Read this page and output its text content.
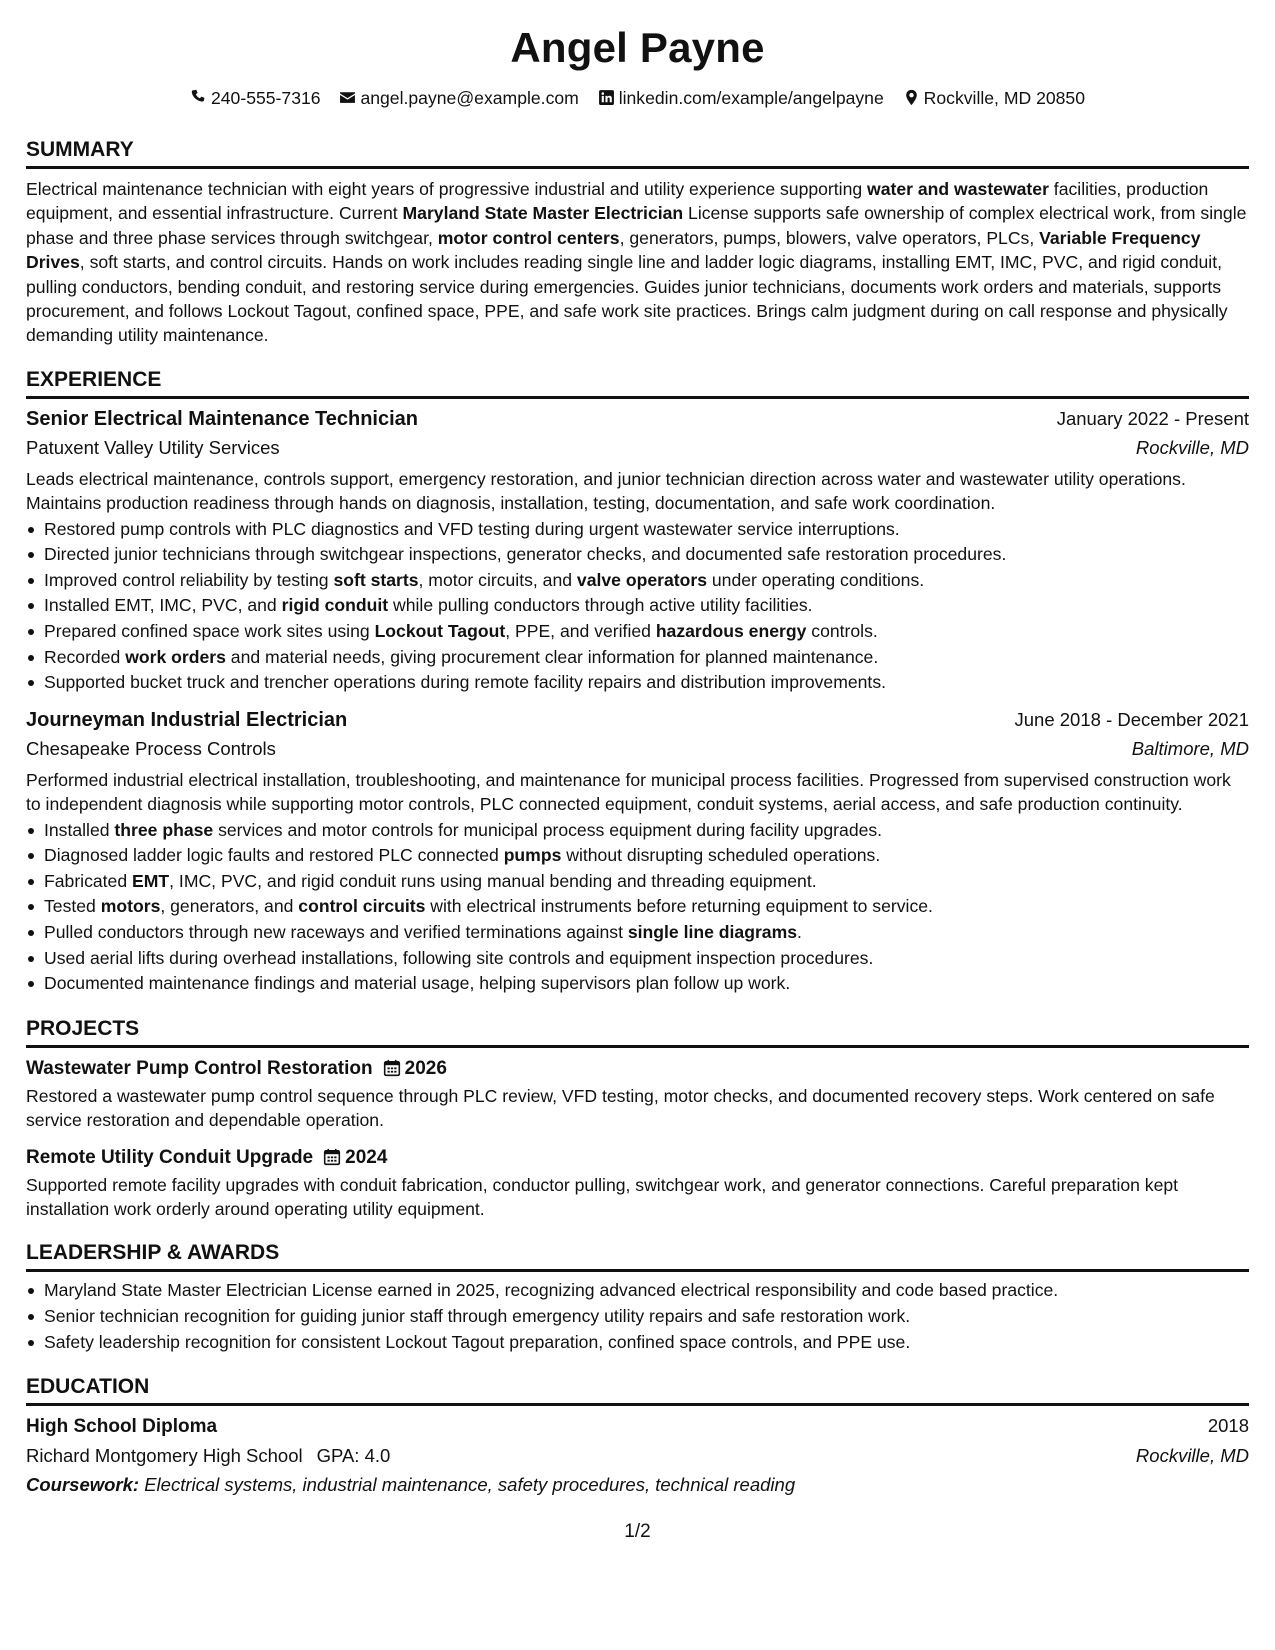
Angel Payne
240-555-7316 angel.payne@example.com linkedin.com/example/angelpayne Rockville, MD 20850
SUMMARY

Electrical maintenance technician with eight years of progressive industrial and utility experience supporting water and wastewater facilities, production equipment, and essential infrastructure. Current Maryland State Master Electrician License supports safe ownership of complex electrical work, from single phase and three phase services through switchgear, motor control centers, generators, pumps, blowers, valve operators, PLCs, Variable Frequency Drives, soft starts, and control circuits. Hands on work includes reading single line and ladder logic diagrams, installing EMT, IMC, PVC, and rigid conduit, pulling conductors, bending conduit, and restoring service during emergencies. Guides junior technicians, documents work orders and materials, supports procurement, and follows Lockout Tagout, confined space, PPE, and safe work site practices. Brings calm judgment during on call response and physically demanding utility maintenance.

EXPERIENCE
Senior Electrical Maintenance Technician	January 2022 - Present
Patuxent Valley Utility Services	Rockville, MD

Leads electrical maintenance, controls support, emergency restoration, and junior technician direction across water and wastewater utility operations. Maintains production readiness through hands on diagnosis, installation, testing, documentation, and safe work coordination.

Restored pump controls with PLC diagnostics and VFD testing during urgent wastewater service interruptions.
Directed junior technicians through switchgear inspections, generator checks, and documented safe restoration procedures.
Improved control reliability by testing soft starts, motor circuits, and valve operators under operating conditions.
Installed EMT, IMC, PVC, and rigid conduit while pulling conductors through active utility facilities.
Prepared confined space work sites using Lockout Tagout, PPE, and verified hazardous energy controls.
Recorded work orders and material needs, giving procurement clear information for planned maintenance.
Supported bucket truck and trencher operations during remote facility repairs and distribution improvements.
Journeyman Industrial Electrician	June 2018 - December 2021
Chesapeake Process Controls	Baltimore, MD

Performed industrial electrical installation, troubleshooting, and maintenance for municipal process facilities. Progressed from supervised construction work to independent diagnosis while supporting motor controls, PLC connected equipment, conduit systems, aerial access, and safe production continuity.

Installed three phase services and motor controls for municipal process equipment during facility upgrades.
Diagnosed ladder logic faults and restored PLC connected pumps without disrupting scheduled operations.
Fabricated EMT, IMC, PVC, and rigid conduit runs using manual bending and threading equipment.
Tested motors, generators, and control circuits with electrical instruments before returning equipment to service.
Pulled conductors through new raceways and verified terminations against single line diagrams.
Used aerial lifts during overhead installations, following site controls and equipment inspection procedures.
Documented maintenance findings and material usage, helping supervisors plan follow up work.
PROJECTS
Wastewater Pump Control Restoration 2026

Restored a wastewater pump control sequence through PLC review, VFD testing, motor checks, and documented recovery steps. Work centered on safe service restoration and dependable operation.

Remote Utility Conduit Upgrade 2024

Supported remote facility upgrades with conduit fabrication, conductor pulling, switchgear work, and generator connections. Careful preparation kept installation work orderly around operating utility equipment.

LEADERSHIP & AWARDS
Maryland State Master Electrician License earned in 2025, recognizing advanced electrical responsibility and code based practice.
Senior technician recognition for guiding junior staff through emergency utility repairs and safe restoration work.
Safety leadership recognition for consistent Lockout Tagout preparation, confined space controls, and PPE use.
EDUCATION
High School Diploma	2018
Richard Montgomery High School GPA: 4.0	Rockville, MD
Coursework: Electrical systems, industrial maintenance, safety procedures, technical reading
1/2
